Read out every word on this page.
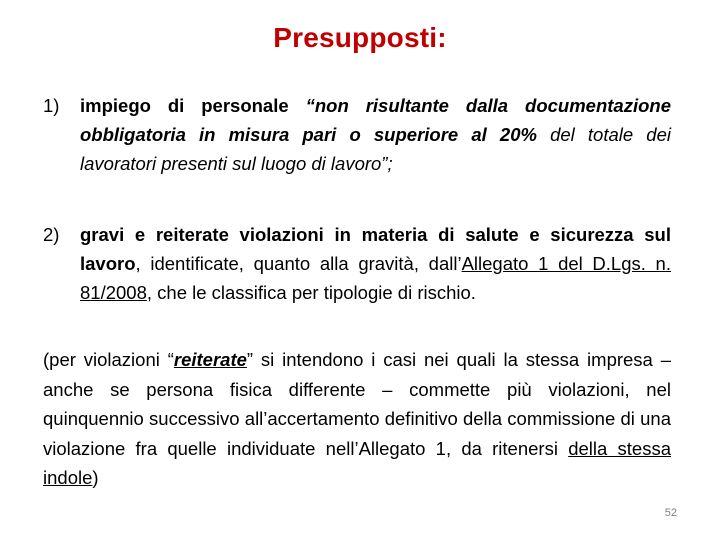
Presupposti:
1) impiego di personale “non risultante dalla documentazione obbligatoria in misura pari o superiore al 20% del totale dei lavoratori presenti sul luogo di lavoro”;
2) gravi e reiterate violazioni in materia di salute e sicurezza sul lavoro, identificate, quanto alla gravità, dall’Allegato 1 del D.Lgs. n. 81/2008, che le classifica per tipologie di rischio.
(per violazioni “reiterate” si intendono i casi nei quali la stessa impresa – anche se persona fisica differente – commette più violazioni, nel quinquennio successivo all’accertamento definitivo della commissione di una violazione fra quelle individuate nell’Allegato 1, da ritenersi della stessa indole)
52
